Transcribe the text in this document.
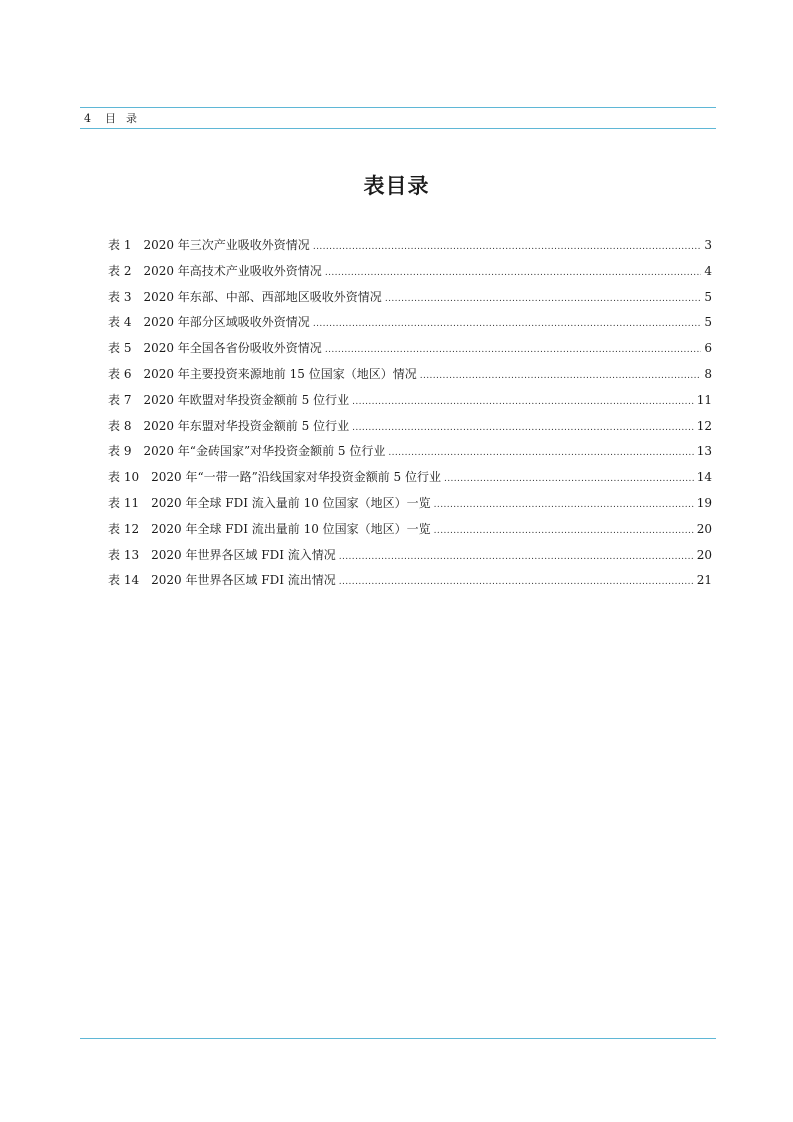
4 目录
表目录
表 1 2020 年三次产业吸收外资情况 .....	3
表 2 2020 年高技术产业吸收外资情况 .....	4
表 3 2020 年东部、中部、西部地区吸收外资情况 .....	5
表 4 2020 年部分区域吸收外资情况 .....	5
表 5 2020 年全国各省份吸收外资情况 .....	6
表 6 2020 年主要投资来源地前 15 位国家（地区）情况 .....	8
表 7 2020 年欧盟对华投资金额前 5 位行业 .....	11
表 8 2020 年东盟对华投资金额前 5 位行业 .....	12
表 9 2020 年“金砖国家”对华投资金额前 5 位行业 .....	13
表 10 2020 年“一带一路”沿线国家对华投资金额前 5 位行业 .....	14
表 11 2020 年全球 FDI 流入量前 10 位国家（地区）一览 .....	19
表 12 2020 年全球 FDI 流出量前 10 位国家（地区）一览 .....	20
表 13 2020 年世界各区域 FDI 流入情况 .....	20
表 14 2020 年世界各区域 FDI 流出情况 .....	21
